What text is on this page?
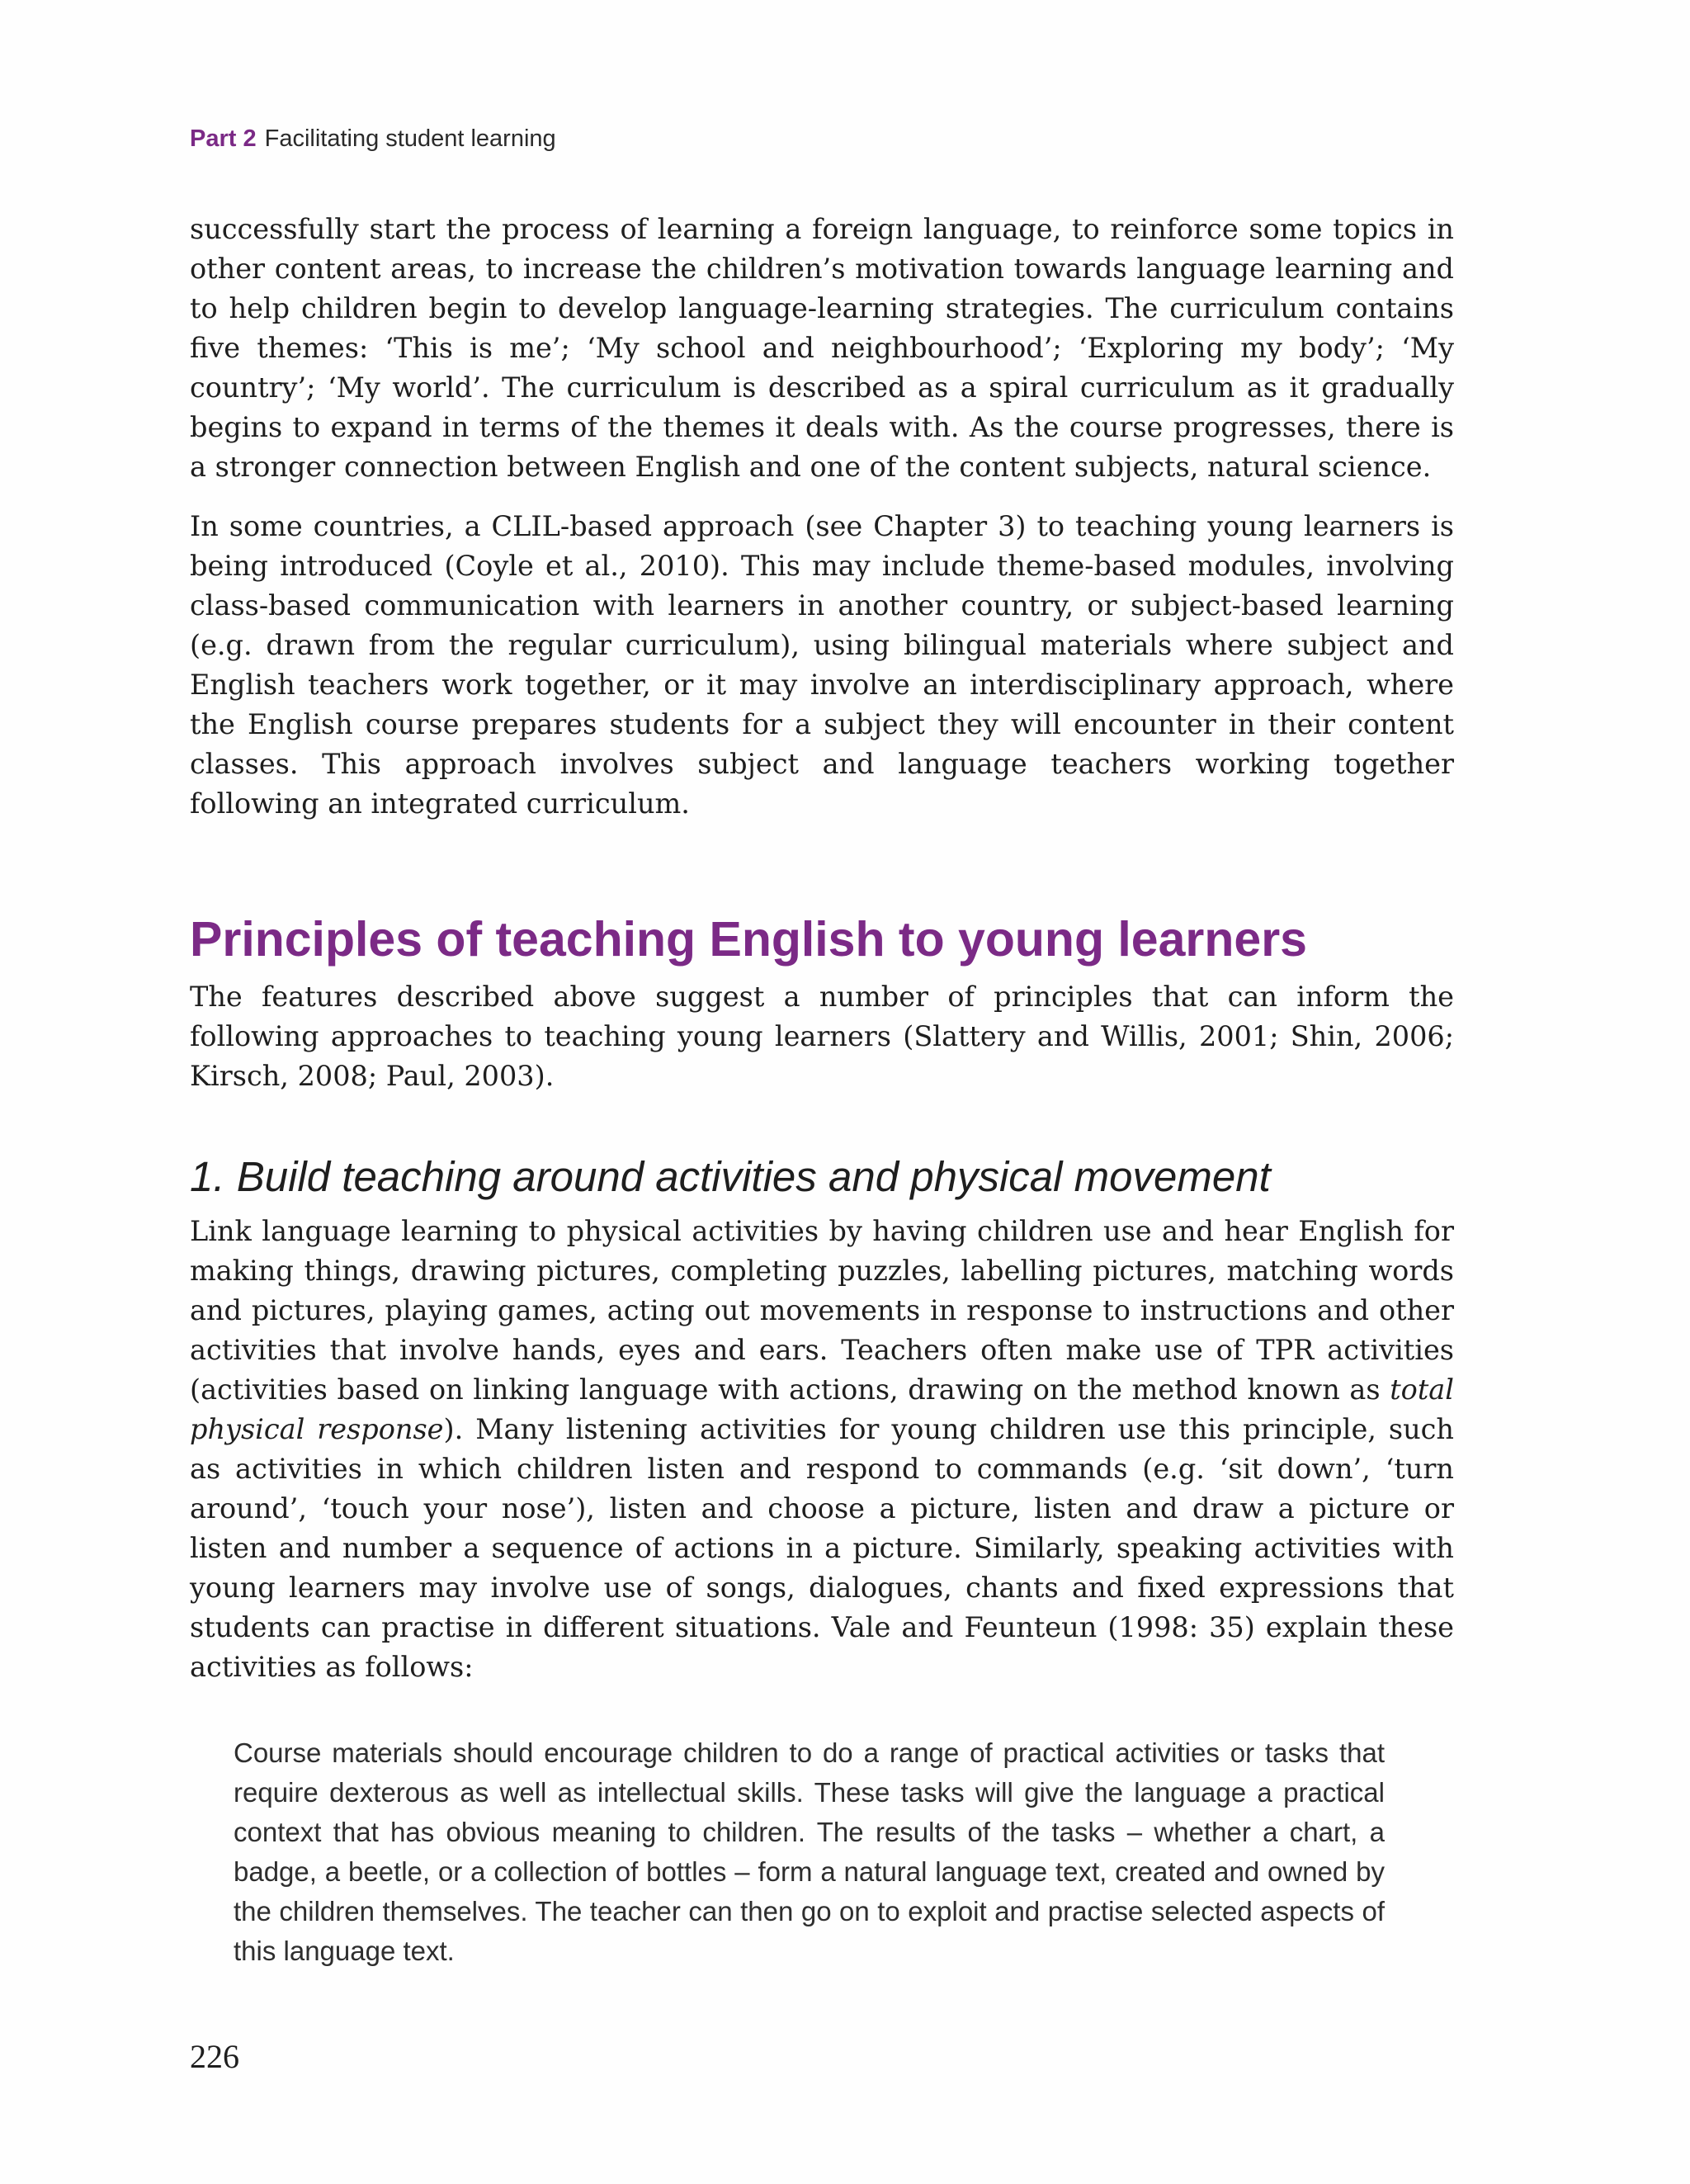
Part 2 Facilitating student learning

successfully start the process of learning a foreign language, to reinforce some topics in other content areas, to increase the children’s motivation towards language learning and to help children begin to develop language-learning strategies. The curriculum contains five themes: ‘This is me’; ‘My school and neighbourhood’; ‘Exploring my body’; ‘My country’; ‘My world’. The curriculum is described as a spiral curriculum as it gradually begins to expand in terms of the themes it deals with. As the course progresses, there is a stronger connection between English and one of the content subjects, natural science.

In some countries, a CLIL-based approach (see Chapter 3) to teaching young learners is being introduced (Coyle et al., 2010). This may include theme-based modules, involving class-based communication with learners in another country, or subject-based learning (e.g. drawn from the regular curriculum), using bilingual materials where subject and English teachers work together, or it may involve an interdisciplinary approach, where the English course prepares students for a subject they will encounter in their content classes. This approach involves subject and language teachers working together following an integrated curriculum.

Principles of teaching English to young learners

The features described above suggest a number of principles that can inform the following approaches to teaching young learners (Slattery and Willis, 2001; Shin, 2006; Kirsch, 2008; Paul, 2003).

1. Build teaching around activities and physical movement

Link language learning to physical activities by having children use and hear English for making things, drawing pictures, completing puzzles, labelling pictures, matching words and pictures, playing games, acting out movements in response to instructions and other activities that involve hands, eyes and ears. Teachers often make use of TPR activities (activities based on linking language with actions, drawing on the method known as total physical response). Many listening activities for young children use this principle, such as activities in which children listen and respond to commands (e.g. ‘sit down’, ‘turn around’, ‘touch your nose’), listen and choose a picture, listen and draw a picture or listen and number a sequence of actions in a picture. Similarly, speaking activities with young learners may involve use of songs, dialogues, chants and fixed expressions that students can practise in different situations. Vale and Feunteun (1998: 35) explain these activities as follows:

Course materials should encourage children to do a range of practical activities or tasks that require dexterous as well as intellectual skills. These tasks will give the language a practical context that has obvious meaning to children. The results of the tasks – whether a chart, a badge, a beetle, or a collection of bottles – form a natural language text, created and owned by the children themselves. The teacher can then go on to exploit and practise selected aspects of this language text.

226
